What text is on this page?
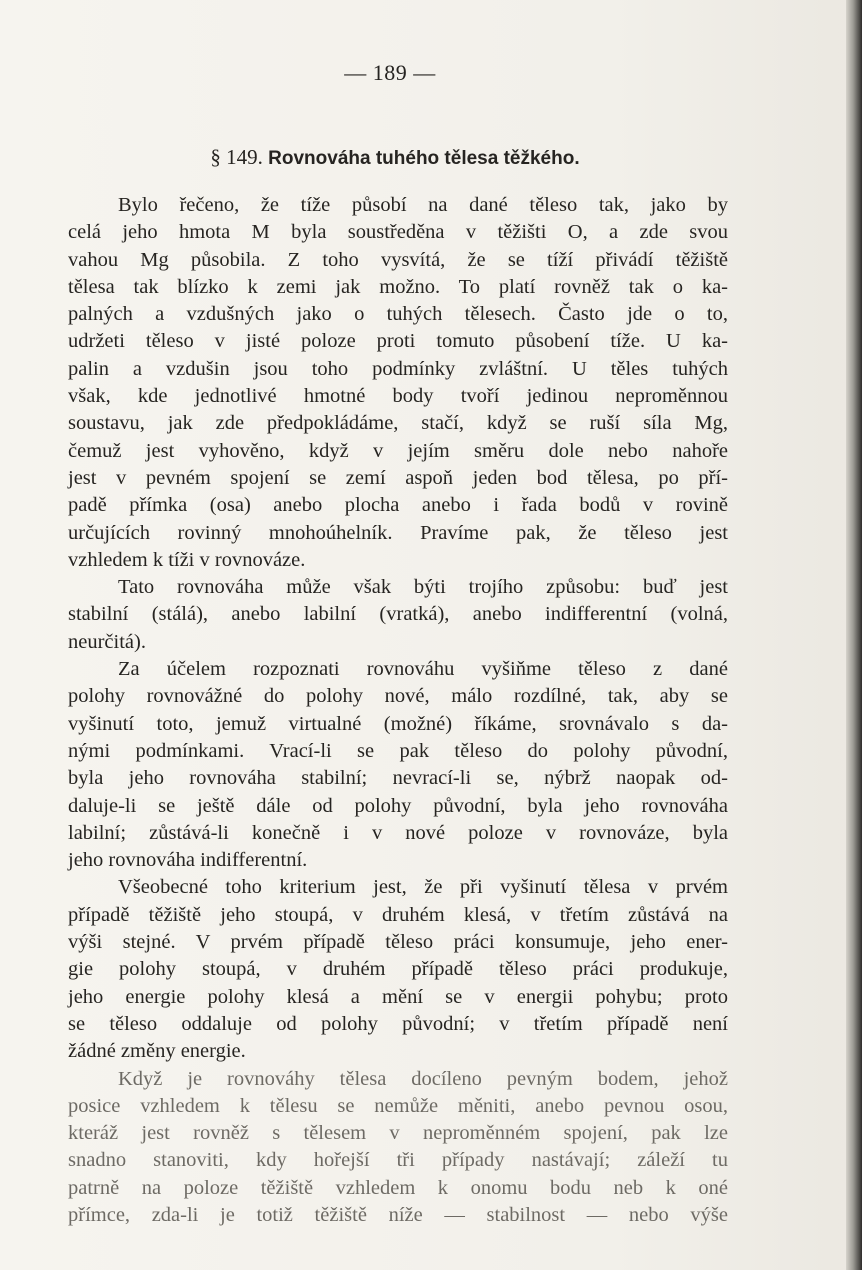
— 189 —
§ 149. Rovnováha tuhého tělesa těžkého.
Bylo řečeno, že tíže působí na dané těleso tak, jako by
celá jeho hmota M byla soustředěna v těžišti O, a zde svou
vahou Mg působila. Z toho vysvítá, že se tíží přivádí těžiště
tělesa tak blízko k zemi jak možno. To platí rovněž tak o ka-
palných a vzdušných jako o tuhých tělesech. Často jde o to,
udržeti těleso v jisté poloze proti tomuto působení tíže. U ka-
palin a vzdušin jsou toho podmínky zvláštní. U těles tuhých
však, kde jednotlivé hmotné body tvoří jedinou neproměnnou
soustavu, jak zde předpokládáme, stačí, když se ruší síla Mg,
čemuž jest vyhověno, když v jejím směru dole nebo nahoře
jest v pevném spojení se zemí aspoň jeden bod tělesa, po pří-
padě přímka (osa) anebo plocha anebo i řada bodů v rovině
určujících rovinný mnohoúhelník. Pravíme pak, že těleso jest
vzhledem k tíži v rovnováze.
Tato rovnováha může však býti trojího způsobu: buď jest
stabilní (stálá), anebo labilní (vratká), anebo indifferentní (volná,
neurčitá).
Za účelem rozpoznati rovnováhu vyšiňme těleso z dané
polohy rovnovážné do polohy nové, málo rozdílné, tak, aby se
vyšinutí toto, jemuž virtualné (možné) říkáme, srovnávalo s da-
nými podmínkami. Vrací-li se pak těleso do polohy původní,
byla jeho rovnováha stabilní; nevrací-li se, nýbrž naopak od-
daluje-li se ještě dále od polohy původní, byla jeho rovnováha
labilní; zůstává-li konečně i v nové poloze v rovnováze, byla
jeho rovnováha indifferentní.
Všeobecné toho kriterium jest, že při vyšinutí tělesa v prvém
případě těžiště jeho stoupá, v druhém klesá, v třetím zůstává na
výši stejné. V prvém případě těleso práci konsumuje, jeho ener-
gie polohy stoupá, v druhém případě těleso práci produkuje,
jeho energie polohy klesá a mění se v energii pohybu; proto
se těleso oddaluje od polohy původní; v třetím případě není
žádné změny energie.
Když je rovnováhy tělesa docíleno pevným bodem, jehož
posice vzhledem k tělesu se nemůže měniti, anebo pevnou osou,
kteráž jest rovněž s tělesem v neproměnném spojení, pak lze
snadno stanoviti, kdy hořejší tři případy nastávají; záleží tu
patrně na poloze těžiště vzhledem k onomu bodu neb k oné
přímce, zda-li je totiž těžiště níže — stabilnost — nebo výše
